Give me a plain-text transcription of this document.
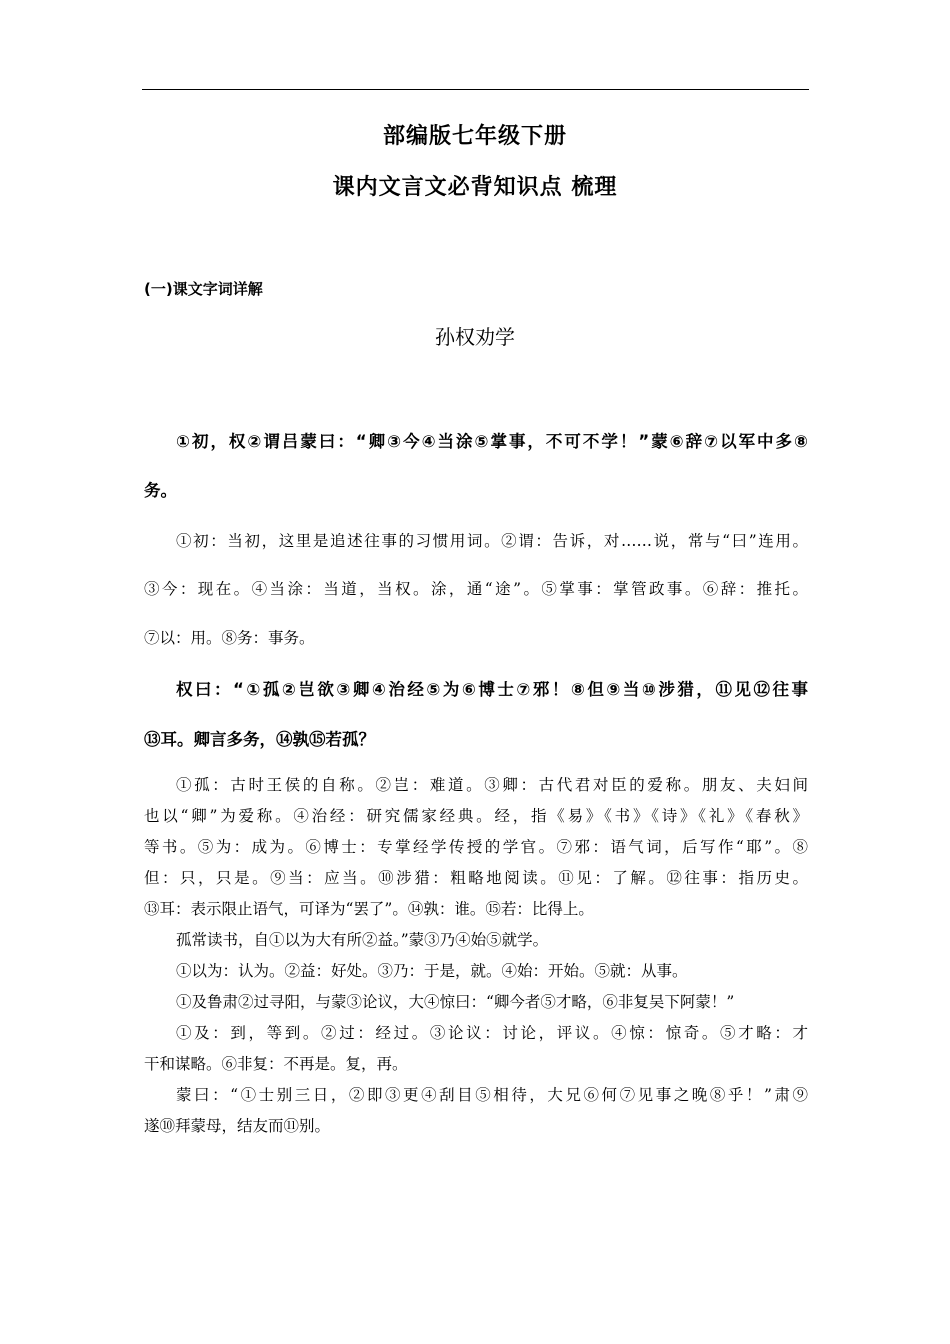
部编版七年级下册
课内文言文必背知识点 梳理
(一)课文字词详解
孙权劝学
①初，权②谓吕蒙曰：“卿③今④当涂⑤掌事，不可不学！”蒙⑥辞⑦以军中多⑧
务。
①初：当初，这里是追述往事的习惯用词。②谓：告诉，对……说，常与“曰”连用。
③今：现在。④当涂：当道，当权。涂，通“途”。⑤掌事：掌管政事。⑥辞：推托。
⑦以：用。⑧务：事务。
权曰：“①孤②岂欲③卿④治经⑤为⑥博士⑦邪！⑧但⑨当⑩涉猎，⑪见⑫往事
⑬耳。卿言多务，⑭孰⑮若孤？
①孤：古时王侯的自称。②岂：难道。③卿：古代君对臣的爱称。朋友、夫妇间
也以“卿”为爱称。④治经：研究儒家经典。经，指《易》《书》《诗》《礼》《春秋》
等书。⑤为：成为。⑥博士：专掌经学传授的学官。⑦邪：语气词，后写作“耶”。⑧
但：只，只是。⑨当：应当。⑩涉猎：粗略地阅读。⑪见：了解。⑫往事：指历史。
⑬耳：表示限止语气，可译为“罢了”。⑭孰：谁。⑮若：比得上。
孤常读书，自①以为大有所②益。”蒙③乃④始⑤就学。
①以为：认为。②益：好处。③乃：于是，就。④始：开始。⑤就：从事。
①及鲁肃②过寻阳，与蒙③论议，大④惊曰：“卿今者⑤才略，⑥非复吴下阿蒙！”
①及：到，等到。②过：经过。③论议：讨论，评议。④惊：惊奇。⑤才略：才
干和谋略。⑥非复：不再是。复，再。
蒙曰：“①士别三日，②即③更④刮目⑤相待，大兄⑥何⑦见事之晚⑧乎！”肃⑨
遂⑩拜蒙母，结友而⑪别。
